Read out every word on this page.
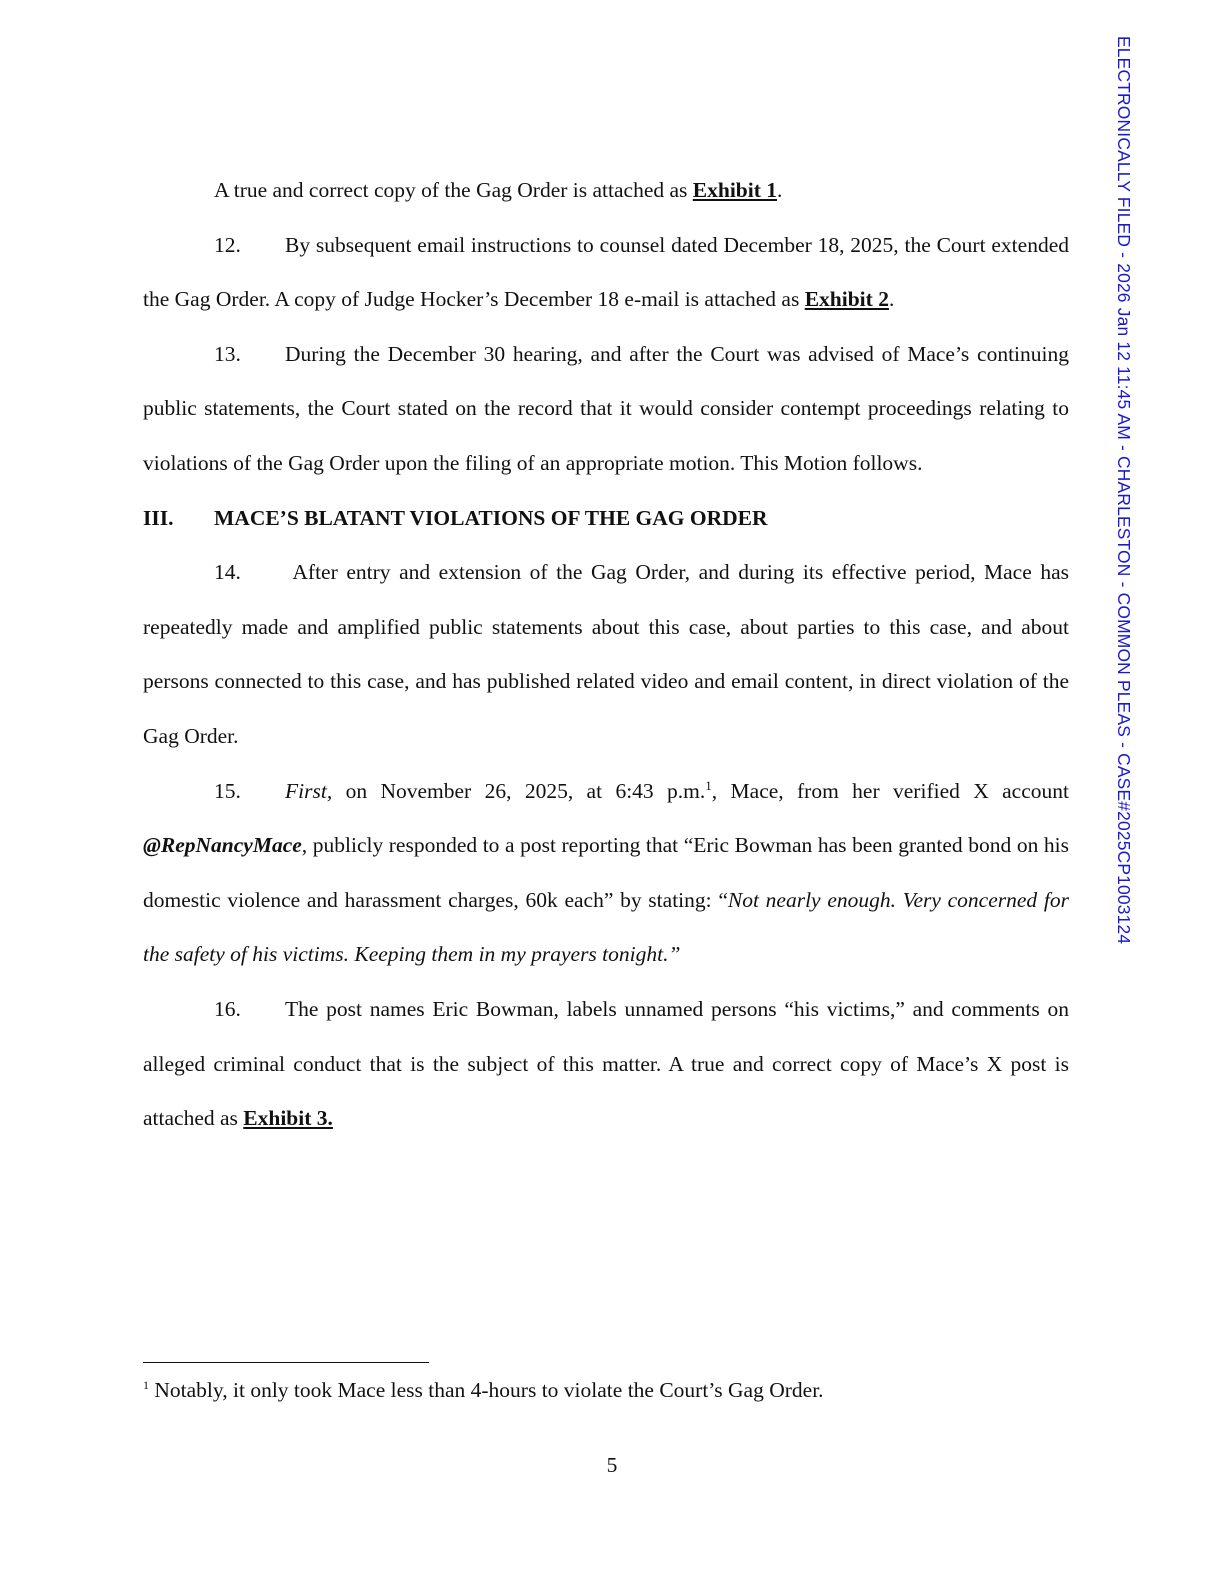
ELECTRONICALLY FILED - 2026 Jan 12 11:45 AM - CHARLESTON - COMMON PLEAS - CASE#2025CP1003124

A true and correct copy of the Gag Order is attached as Exhibit 1.

12. By subsequent email instructions to counsel dated December 18, 2025, the Court extended the Gag Order. A copy of Judge Hocker’s December 18 e-mail is attached as Exhibit 2.

13. During the December 30 hearing, and after the Court was advised of Mace’s continuing public statements, the Court stated on the record that it would consider contempt proceedings relating to violations of the Gag Order upon the filing of an appropriate motion. This Motion follows.

III. MACE’S BLATANT VIOLATIONS OF THE GAG ORDER

14. After entry and extension of the Gag Order, and during its effective period, Mace has repeatedly made and amplified public statements about this case, about parties to this case, and about persons connected to this case, and has published related video and email content, in direct violation of the Gag Order.

15. First, on November 26, 2025, at 6:43 p.m.$^1$, Mace, from her verified X account @RepNancyMace, publicly responded to a post reporting that “Eric Bowman has been granted bond on his domestic violence and harassment charges, 60k each” by stating: “Not nearly enough. Very concerned for the safety of his victims. Keeping them in my prayers tonight.”

16. The post names Eric Bowman, labels unnamed persons “his victims,” and comments on alleged criminal conduct that is the subject of this matter. A true and correct copy of Mace’s X post is attached as Exhibit 3.

$^1$ Notably, it only took Mace less than 4-hours to violate the Court’s Gag Order.

5
